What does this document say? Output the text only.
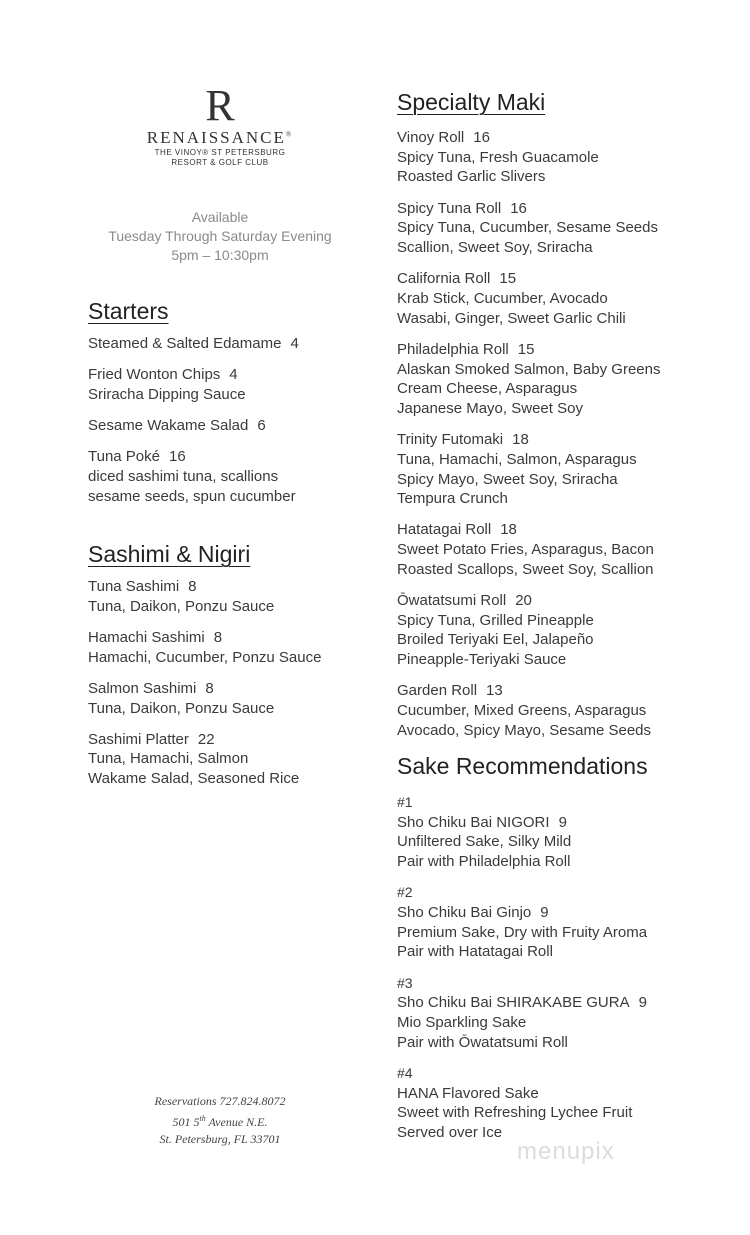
R
RENAISSANCE®
THE VINOY® ST PETERSBURG
RESORT & GOLF CLUB
Available
Tuesday Through Saturday Evening
5pm – 10:30pm
Starters
Steamed & Salted Edamame 4
Fried Wonton Chips 4
Sriracha Dipping Sauce
Sesame Wakame Salad 6
Tuna Poké 16
diced sashimi tuna, scallions
sesame seeds, spun cucumber
Sashimi & Nigiri
Tuna Sashimi 8
Tuna, Daikon, Ponzu Sauce
Hamachi Sashimi 8
Hamachi, Cucumber, Ponzu Sauce
Salmon Sashimi 8
Tuna, Daikon, Ponzu Sauce
Sashimi Platter 22
Tuna, Hamachi, Salmon
Wakame Salad, Seasoned Rice
Reservations 727.824.8072
501 5th Avenue N.E.
St. Petersburg, FL 33701
Specialty Maki
Vinoy Roll 16
Spicy Tuna, Fresh Guacamole
Roasted Garlic Slivers
Spicy Tuna Roll 16
Spicy Tuna, Cucumber, Sesame Seeds
Scallion, Sweet Soy, Sriracha
California Roll 15
Krab Stick, Cucumber, Avocado
Wasabi, Ginger, Sweet Garlic Chili
Philadelphia Roll 15
Alaskan Smoked Salmon, Baby Greens
Cream Cheese, Asparagus
Japanese Mayo, Sweet Soy
Trinity Futomaki 18
Tuna, Hamachi, Salmon, Asparagus
Spicy Mayo, Sweet Soy, Sriracha
Tempura Crunch
Hatatagai Roll 18
Sweet Potato Fries, Asparagus, Bacon
Roasted Scallops, Sweet Soy, Scallion
Ōwatatsumi Roll 20
Spicy Tuna, Grilled Pineapple
Broiled Teriyaki Eel, Jalapeño
Pineapple-Teriyaki Sauce
Garden Roll 13
Cucumber, Mixed Greens, Asparagus
Avocado, Spicy Mayo, Sesame Seeds
Sake Recommendations
#1
Sho Chiku Bai NIGORI 9
Unfiltered Sake, Silky Mild
Pair with Philadelphia Roll
#2
Sho Chiku Bai Ginjo 9
Premium Sake, Dry with Fruity Aroma
Pair with Hatatagai Roll
#3
Sho Chiku Bai SHIRAKABE GURA 9
Mio Sparkling Sake
Pair with Ōwatatsumi Roll
#4
HANA Flavored Sake
Sweet with Refreshing Lychee Fruit
Served over Ice
menupix
